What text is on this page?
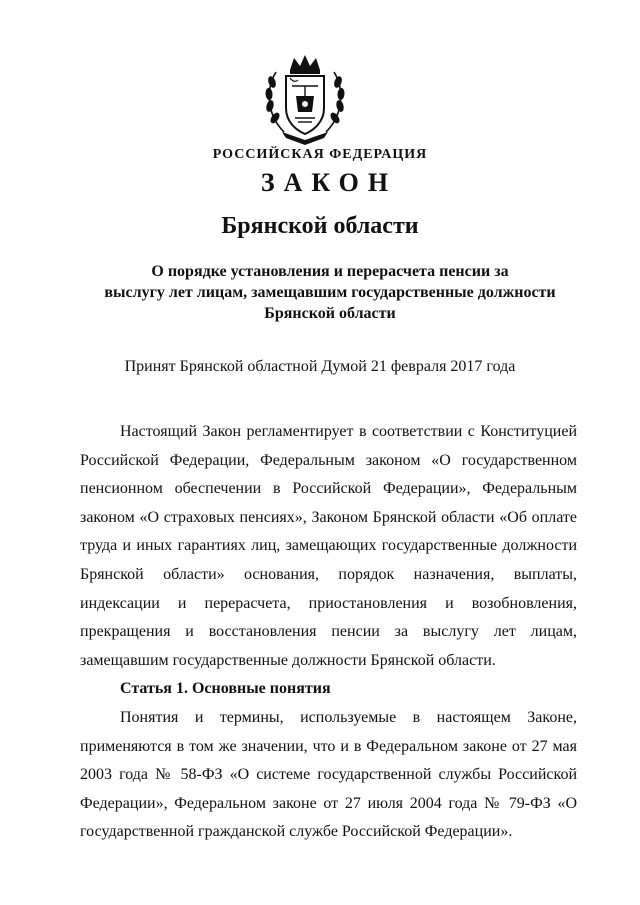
РОССИЙСКАЯ ФЕДЕРАЦИЯ
ЗАКОН
Брянской области
О порядке установления и перерасчета пенсии за
выслугу лет лицам, замещавшим государственные должности
Брянской области
Принят Брянской областной Думой 21 февраля 2017 года

Настоящий Закон регламентирует в соответствии с Конституцией Российской Федерации, Федеральным законом «О государственном пенсионном обеспечении в Российской Федерации», Федеральным законом «О страховых пенсиях», Законом Брянской области «Об оплате труда и иных гарантиях лиц, замещающих государственные должности Брянской области» основания, порядок назначения, выплаты, индексации и перерасчета, приостановления и возобновления, прекращения и восстановления пенсии за выслугу лет лицам, замещавшим государственные должности Брянской области.

Статья 1. Основные понятия

Понятия и термины, используемые в настоящем Законе, применяются в том же значении, что и в Федеральном законе от 27 мая 2003 года № 58-ФЗ «О системе государственной службы Российской Федерации», Федеральном законе от 27 июля 2004 года № 79-ФЗ «О государственной гражданской службе Российской Федерации».
